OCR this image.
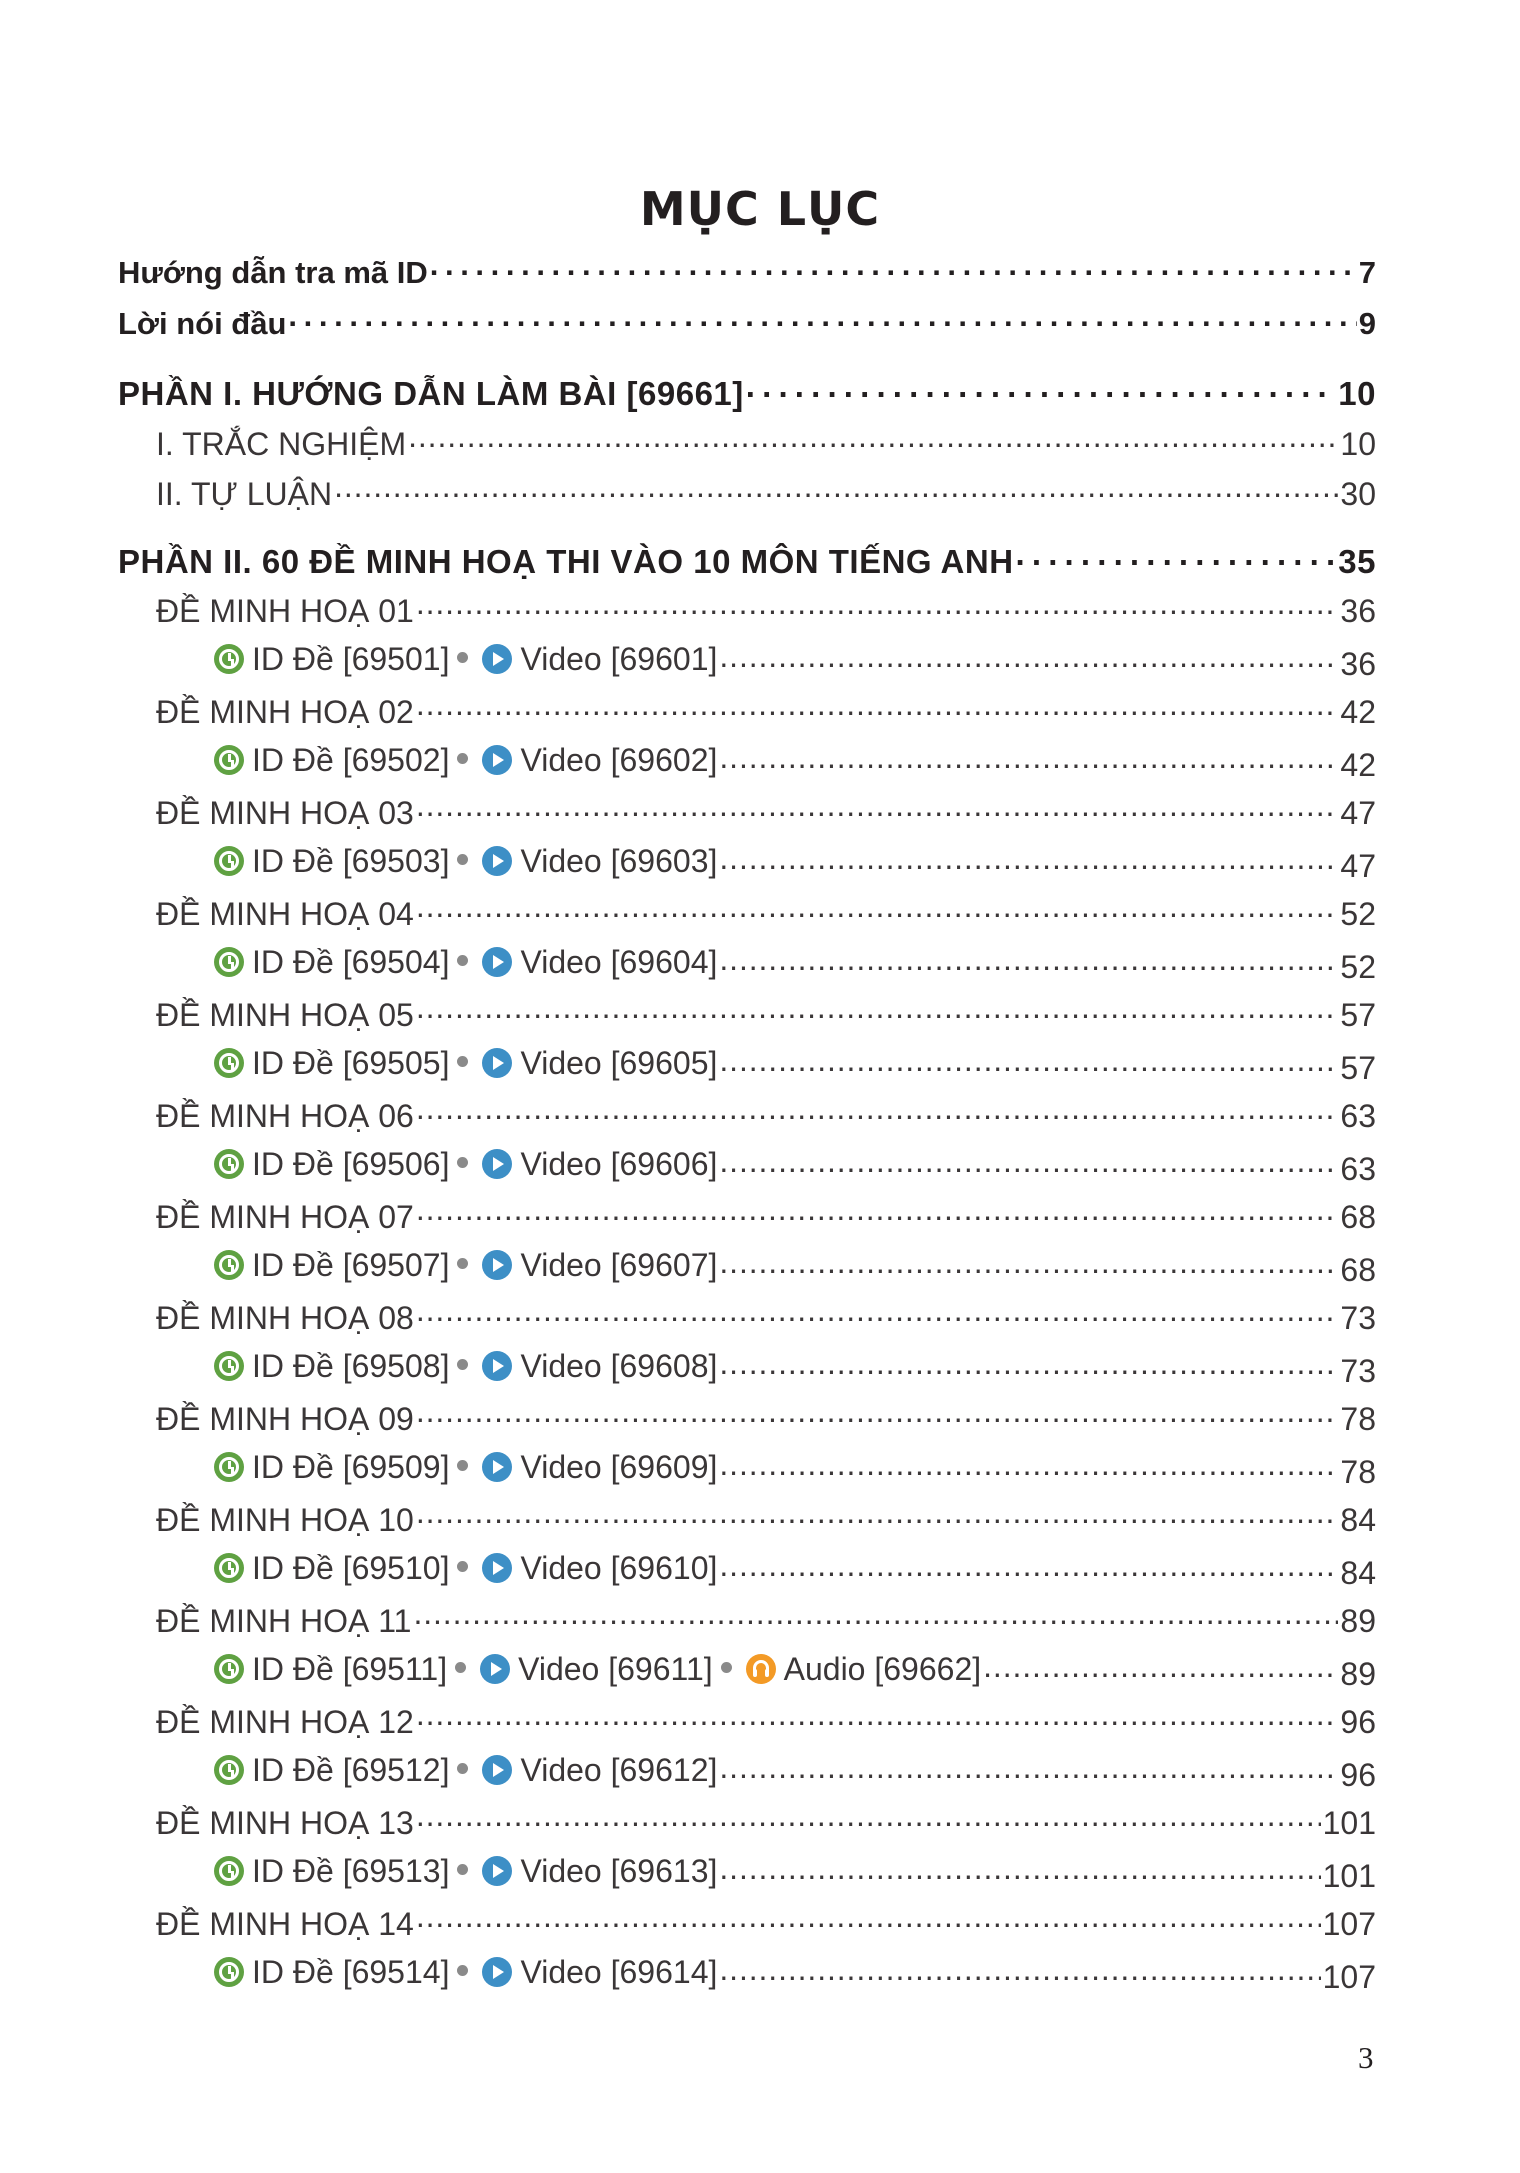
MỤC LỤC
Hướng dẫn tra mã ID . . .	7
Lời nói đầu . . .	9
PHẦN I. HƯỚNG DẪN LÀM BÀI [69661] . . .	10
I. TRẮC NGHIỆM . . .	10
II. TỰ LUẬN . . .	30
PHẦN II. 60 ĐỀ MINH HOẠ THI VÀO 10 MÔN TIẾNG ANH . . .	35
ĐỀ MINH HOẠ 01 . . .	36
ID Đề [69501] Video [69601] . . .	36
ĐỀ MINH HOẠ 02 . . .	42
ID Đề [69502] Video [69602] . . .	42
ĐỀ MINH HOẠ 03 . . .	47
ID Đề [69503] Video [69603] . . .	47
ĐỀ MINH HOẠ 04 . . .	52
ID Đề [69504] Video [69604] . . .	52
ĐỀ MINH HOẠ 05 . . .	57
ID Đề [69505] Video [69605] . . .	57
ĐỀ MINH HOẠ 06 . . .	63
ID Đề [69506] Video [69606] . . .	63
ĐỀ MINH HOẠ 07 . . .	68
ID Đề [69507] Video [69607] . . .	68
ĐỀ MINH HOẠ 08 . . .	73
ID Đề [69508] Video [69608] . . .	73
ĐỀ MINH HOẠ 09 . . .	78
ID Đề [69509] Video [69609] . . .	78
ĐỀ MINH HOẠ 10 . . .	84
ID Đề [69510] Video [69610] . . .	84
ĐỀ MINH HOẠ 11 . . .	89
ID Đề [69511] Video [69611] Audio [69662] . . .	89
ĐỀ MINH HOẠ 12 . . .	96
ID Đề [69512] Video [69612] . . .	96
ĐỀ MINH HOẠ 13 . . .	101
ID Đề [69513] Video [69613] . . .	101
ĐỀ MINH HOẠ 14 . . .	107
ID Đề [69514] Video [69614] . . .	107
3
